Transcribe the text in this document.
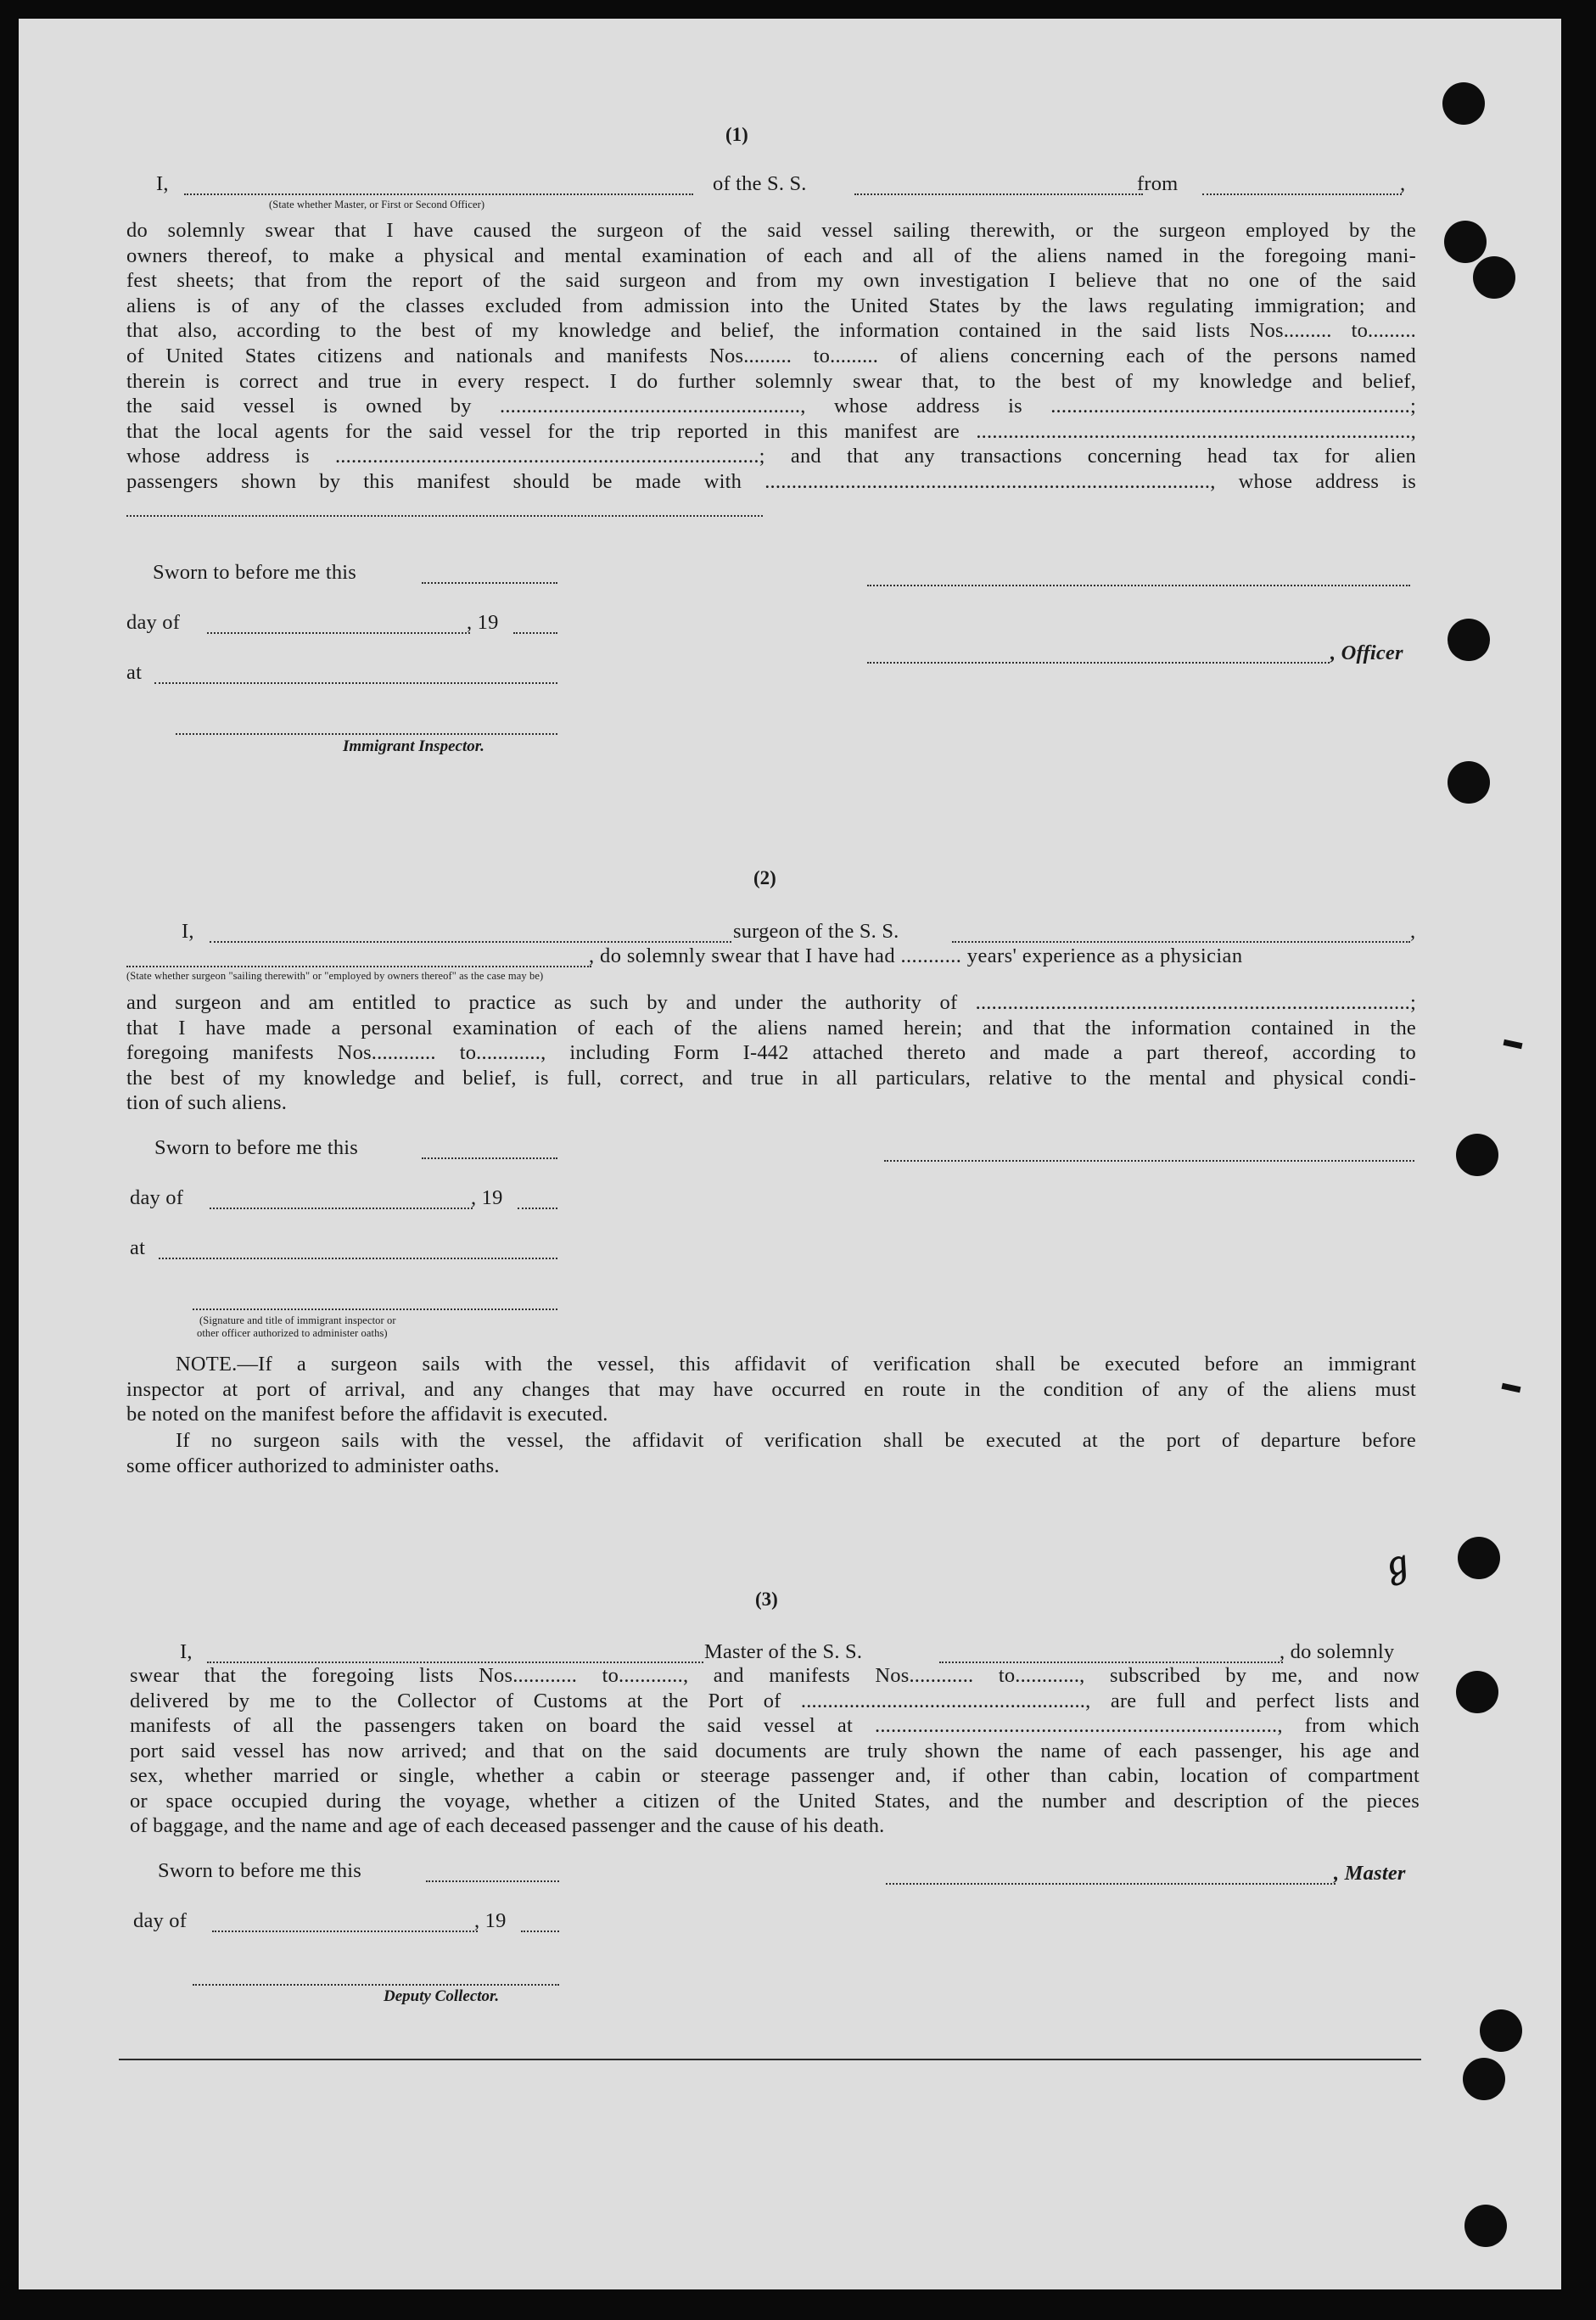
ℊ
(1)
I,	of the S. S.	from	,
(State whether Master, or First or Second Officer)
do solemnly swear that I have caused the surgeon of the said vessel sailing therewith, or the surgeon employed by the
owners thereof, to make a physical and mental examination of each and all of the aliens named in the foregoing mani-
fest sheets; that from the report of the said surgeon and from my own investigation I believe that no one of the said
aliens is of any of the classes excluded from admission into the United States by the laws regulating immigration; and
that also, according to the best of my knowledge and belief, the information contained in the said lists Nos......... to.........
of United States citizens and nationals and manifests Nos......... to......... of aliens concerning each of the persons named
therein is correct and true in every respect. I do further solemnly swear that, to the best of my knowledge and belief,
the said vessel is owned by ........................................................, whose address is ...................................................................;
that the local agents for the said vessel for the trip reported in this manifest are .................................................................................,
whose address is ...............................................................................; and that any transactions concerning head tax for alien
passengers shown by this manifest should be made with ..................................................................................., whose address is
Sworn to before me this
day of	, 19
at
Immigrant Inspector.
, Officer
(2)
I,	surgeon of the S. S.	,
, do solemnly swear that I have had ........... years' experience as a physician
(State whether surgeon "sailing therewith" or "employed by owners thereof" as the case may be)
and surgeon and am entitled to practice as such by and under the authority of .................................................................................;
that I have made a personal examination of each of the aliens named herein; and that the information contained in the
foregoing manifests Nos............ to............, including Form I-442 attached thereto and made a part thereof, according to
the best of my knowledge and belief, is full, correct, and true in all particulars, relative to the mental and physical condi-
tion of such aliens.
Sworn to before me this
day of	, 19
at
(Signature and title of immigrant inspector or
other officer authorized to administer oaths)
NOTE.—If a surgeon sails with the vessel, this affidavit of verification shall be executed before an immigrant
inspector at port of arrival, and any changes that may have occurred en route in the condition of any of the aliens must
be noted on the manifest before the affidavit is executed.
If no surgeon sails with the vessel, the affidavit of verification shall be executed at the port of departure before
some officer authorized to administer oaths.
(3)
I,	Master of the S. S.	, do solemnly
swear that the foregoing lists Nos............ to............, and manifests Nos............ to............, subscribed by me, and now
delivered by me to the Collector of Customs at the Port of ....................................................., are full and perfect lists and
manifests of all the passengers taken on board the said vessel at ..........................................................................., from which
port said vessel has now arrived; and that on the said documents are truly shown the name of each passenger, his age and
sex, whether married or single, whether a cabin or steerage passenger and, if other than cabin, location of compartment
or space occupied during the voyage, whether a citizen of the United States, and the number and description of the pieces
of baggage, and the name and age of each deceased passenger and the cause of his death.
Sworn to before me this
day of	, 19
Deputy Collector.
, Master
